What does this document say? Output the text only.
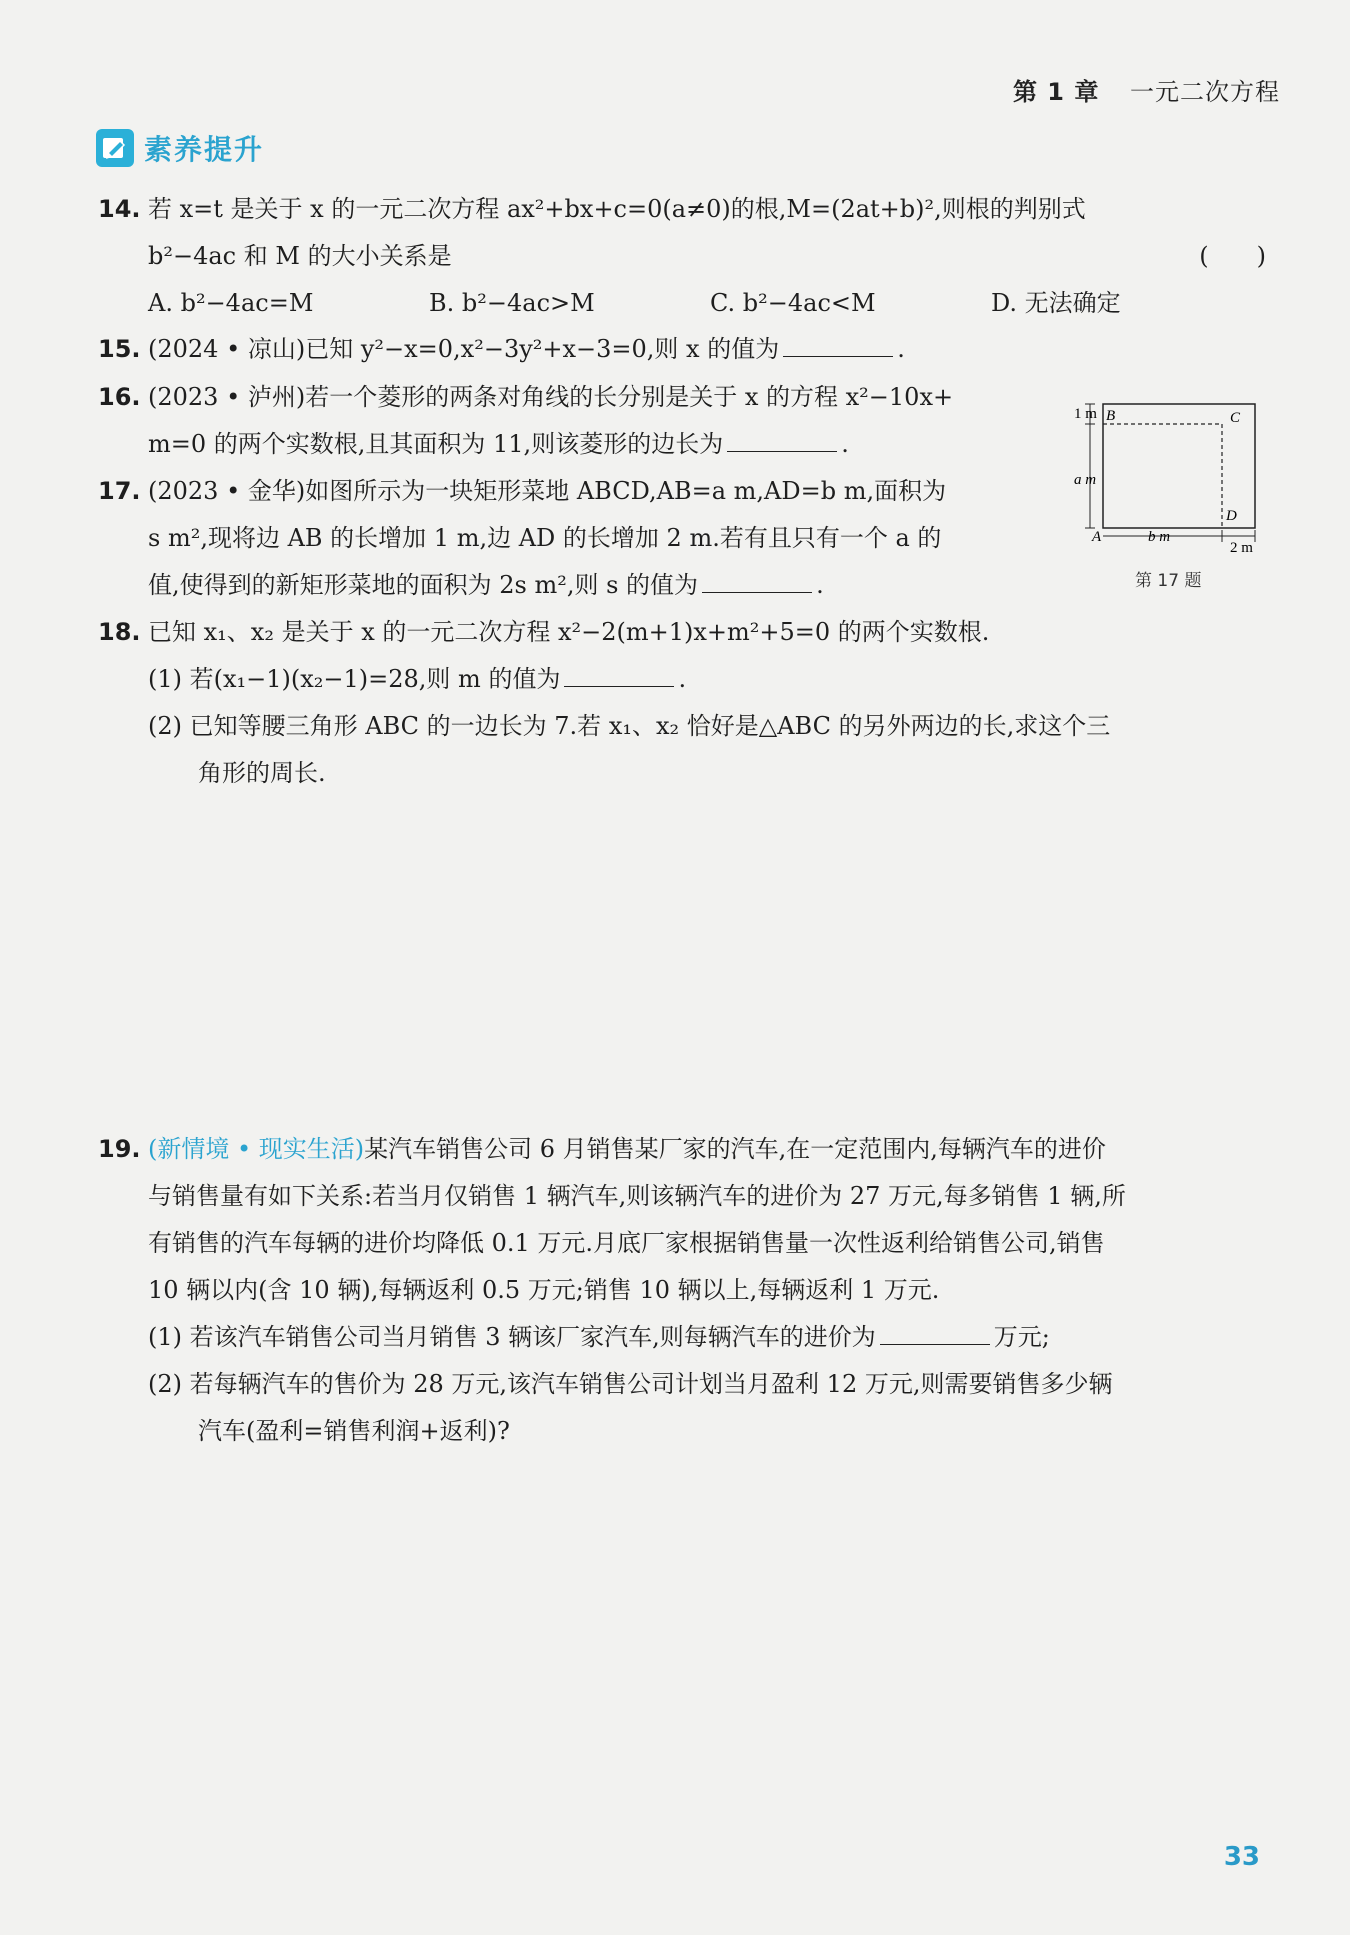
第 1 章 一元二次方程
素养提升
14. 若 x=t 是关于 x 的一元二次方程 ax²+bx+c=0(a≠0)的根,M=(2at+b)²,则根的判别式
b²−4ac 和 M 的大小关系是	(　　)
A. b²−4ac=M	B. b²−4ac>M	C. b²−4ac<M	D. 无法确定
15. (2024 • 凉山)已知 y²−x=0,x²−3y²+x−3=0,则 x 的值为	.
16. (2023 • 泸州)若一个菱形的两条对角线的长分别是关于 x 的方程 x²−10x+
m=0 的两个实数根,且其面积为 11,则该菱形的边长为	.
17. (2023 • 金华)如图所示为一块矩形菜地 ABCD,AB=a m,AD=b m,面积为
s m²,现将边 AB 的长增加 1 m,边 AD 的长增加 2 m.若有且只有一个 a 的
值,使得到的新矩形菜地的面积为 2s m²,则 s 的值为	.
1 m
a m
B	C
D
A	b m
2 m
第 17 题
18. 已知 x₁、x₂ 是关于 x 的一元二次方程 x²−2(m+1)x+m²+5=0 的两个实数根.
(1) 若(x₁−1)(x₂−1)=28,则 m 的值为	.
(2) 已知等腰三角形 ABC 的一边长为 7.若 x₁、x₂ 恰好是△ABC 的另外两边的长,求这个三
角形的周长.
19. (新情境 • 现实生活)某汽车销售公司 6 月销售某厂家的汽车,在一定范围内,每辆汽车的进价
与销售量有如下关系:若当月仅销售 1 辆汽车,则该辆汽车的进价为 27 万元,每多销售 1 辆,所
有销售的汽车每辆的进价均降低 0.1 万元.月底厂家根据销售量一次性返利给销售公司,销售
10 辆以内(含 10 辆),每辆返利 0.5 万元;销售 10 辆以上,每辆返利 1 万元.
(1) 若该汽车销售公司当月销售 3 辆该厂家汽车,则每辆汽车的进价为	万元;
(2) 若每辆汽车的售价为 28 万元,该汽车销售公司计划当月盈利 12 万元,则需要销售多少辆
汽车(盈利=销售利润+返利)?
33
